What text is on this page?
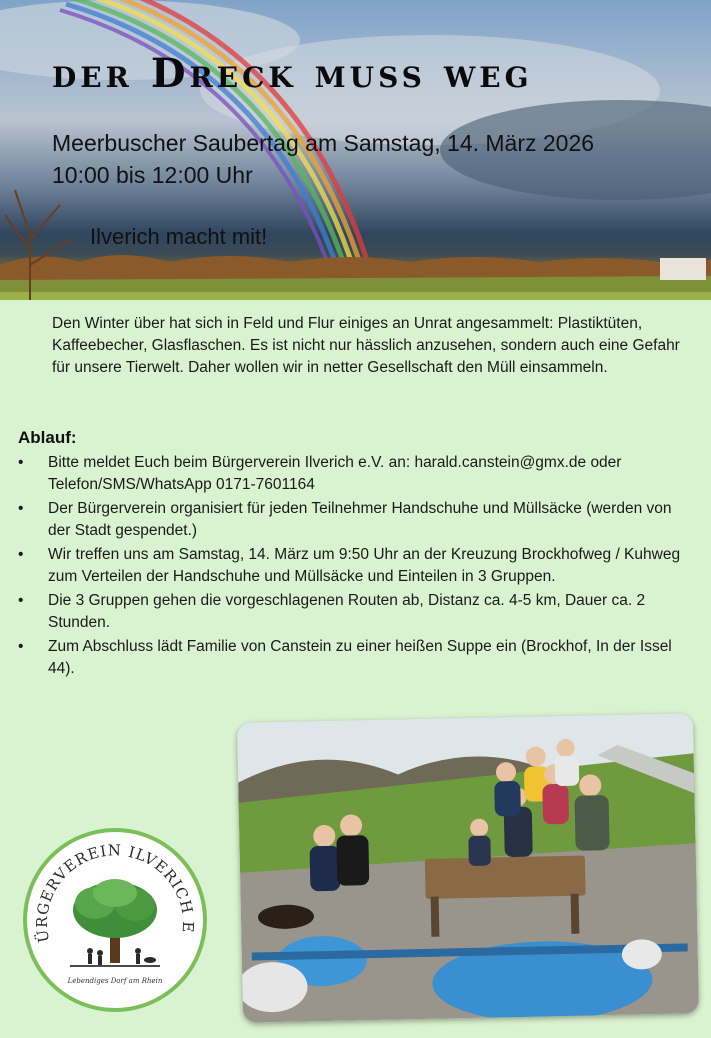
der Dreck muss weg
Meerbuscher Saubertag am Samstag, 14. März 2026
10:00 bis 12:00 Uhr
Ilverich macht mit!
Den Winter über hat sich in Feld und Flur einiges an Unrat angesammelt: Plastiktüten, Kaffeebecher, Glasflaschen. Es ist nicht nur hässlich anzusehen, sondern auch eine Gefahr für unsere Tierwelt. Daher wollen wir in netter Gesellschaft den Müll einsammeln.
Ablauf:
• Bitte meldet Euch beim Bürgerverein Ilverich e.V. an: harald.canstein@gmx.de oder Telefon/SMS/WhatsApp 0171-7601164
• Der Bürgerverein organisiert für jeden Teilnehmer Handschuhe und Müllsäcke (werden von der Stadt gespendet.)
• Wir treffen uns am Samstag, 14. März um 9:50 Uhr an der Kreuzung Brockhofweg / Kuhweg zum Verteilen der Handschuhe und Müllsäcke und Einteilen in 3 Gruppen.
• Die 3 Gruppen gehen die vorgeschlagenen Routen ab, Distanz ca. 4-5 km, Dauer ca. 2 Stunden.
• Zum Abschluss lädt Familie von Canstein zu einer heißen Suppe ein (Brockhof, In der Issel 44).
ÜRGERVEREIN ILVERICH E
Lebendiges Dorf am Rhein
